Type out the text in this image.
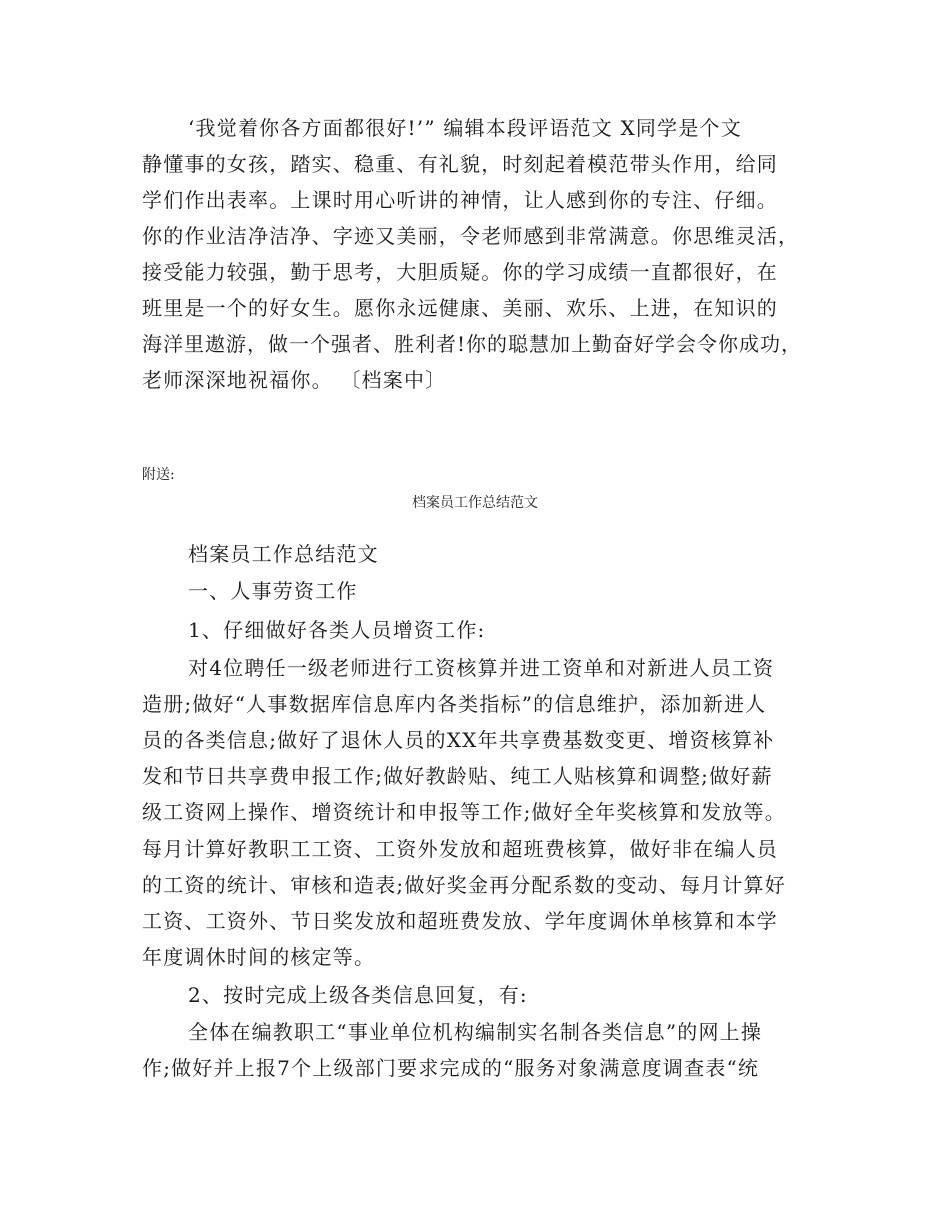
‘我觉着你各方面都很好!’” 编辑本段评语范文 X同学是个文
静懂事的女孩，踏实、稳重、有礼貌，时刻起着模范带头作用，给同
学们作出表率。上课时用心听讲的神情，让人感到你的专注、仔细。
你的作业洁净洁净、字迹又美丽，令老师感到非常满意。你思维灵活，
接受能力较强，勤于思考，大胆质疑。你的学习成绩一直都很好，在
班里是一个的好女生。愿你永远健康、美丽、欢乐、上进，在知识的
海洋里遨游，做一个强者、胜利者!你的聪慧加上勤奋好学会令你成功，
老师深深地祝福你。 〔档案中〕
附送:
档案员工作总结范文
档案员工作总结范文
一、人事劳资工作
1、仔细做好各类人员增资工作:
对4位聘任一级老师进行工资核算并进工资单和对新进人员工资
造册;做好“人事数据库信息库内各类指标”的信息维护，添加新进人
员的各类信息;做好了退休人员的XX年共享费基数变更、增资核算补
发和节日共享费申报工作;做好教龄贴、纯工人贴核算和调整;做好薪
级工资网上操作、增资统计和申报等工作;做好全年奖核算和发放等。
每月计算好教职工工资、工资外发放和超班费核算，做好非在编人员
的工资的统计、审核和造表;做好奖金再分配系数的变动、每月计算好
工资、工资外、节日奖发放和超班费发放、学年度调休单核算和本学
年度调休时间的核定等。
2、按时完成上级各类信息回复，有:
全体在编教职工“事业单位机构编制实名制各类信息”的网上操
作;做好并上报7个上级部门要求完成的“服务对象满意度调查表“统
